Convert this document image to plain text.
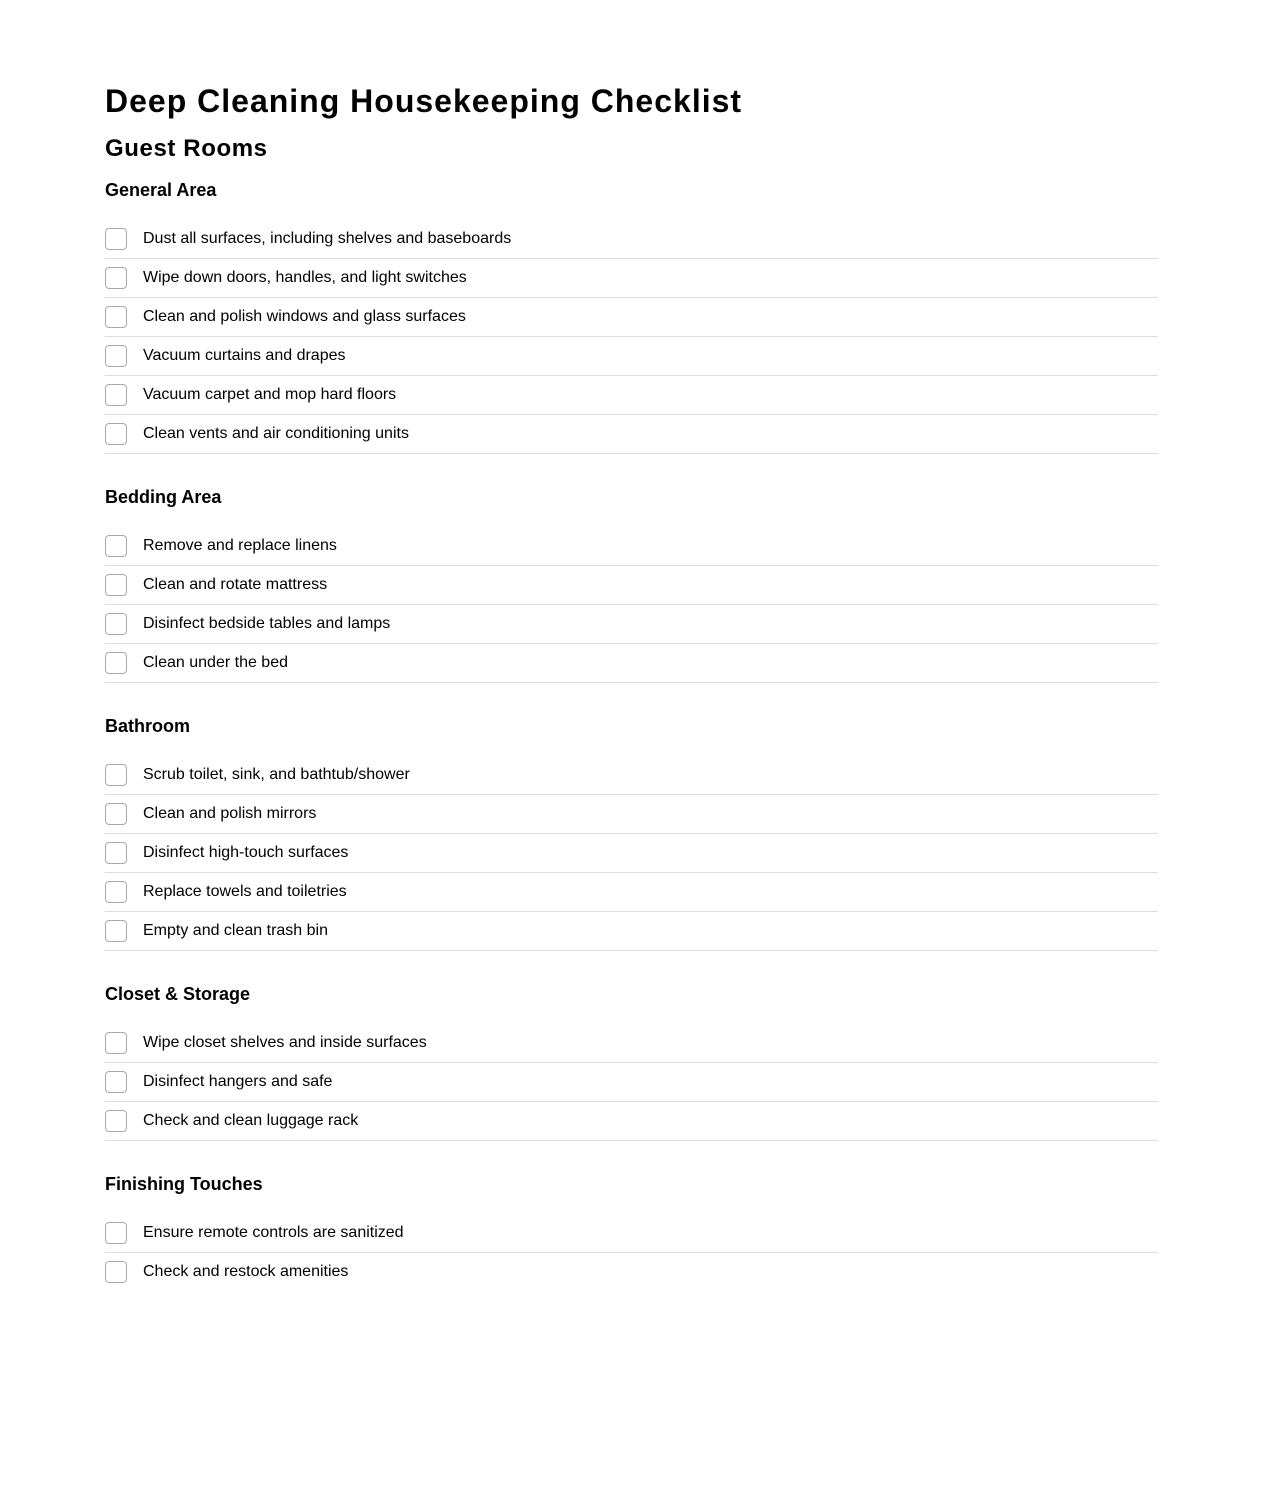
Deep Cleaning Housekeeping Checklist
Guest Rooms
General Area
Dust all surfaces, including shelves and baseboards
Wipe down doors, handles, and light switches
Clean and polish windows and glass surfaces
Vacuum curtains and drapes
Vacuum carpet and mop hard floors
Clean vents and air conditioning units
Bedding Area
Remove and replace linens
Clean and rotate mattress
Disinfect bedside tables and lamps
Clean under the bed
Bathroom
Scrub toilet, sink, and bathtub/shower
Clean and polish mirrors
Disinfect high-touch surfaces
Replace towels and toiletries
Empty and clean trash bin
Closet & Storage
Wipe closet shelves and inside surfaces
Disinfect hangers and safe
Check and clean luggage rack
Finishing Touches
Ensure remote controls are sanitized
Check and restock amenities
